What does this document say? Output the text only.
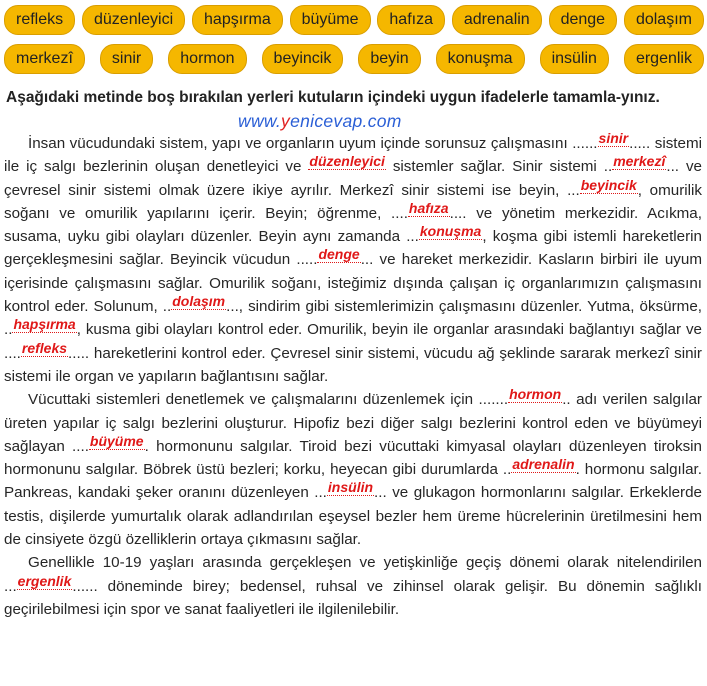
refleks	düzenleyici	hapşırma	büyüme	hafıza	adrenalin	denge	dolaşım
merkezî	sinir	hormon	beyincik	beyin	konuşma	insülin	ergenlik
Aşağıdaki metinde boş bırakılan yerleri kutuların içindeki uygun ifadelerle tamamla-yınız.
www.yenicevap.com

İnsan vücudundaki sistem, yapı ve organların uyum içinde sorunsuz çalışmasını ......sinir..... sistemi ile iç salgı bezlerinin oluşan denetleyici ve düzenleyici sistemler sağlar. Sinir sistemi ..merkezî... ve çevresel sinir sistemi olmak üzere ikiye ayrılır. Merkezî sinir sistemi ise beyin, ...beyincik, omurilik soğanı ve omurilik yapılarını içerir. Beyin; öğrenme, ....hafıza.... ve yönetim merkezidir. Acıkma, susama, uyku gibi olayları düzenler. Beyin aynı zamanda ...konuşma, koşma gibi istemli hareketlerin gerçekleşmesini sağlar. Beyincik vücudun .....denge... ve hareket merkezidir. Kasların birbiri ile uyum içerisinde çalışmasını sağlar. Omurilik soğanı, isteğimiz dışında çalışan iç organlarımızın çalışmasını kontrol eder. Solunum, ..dolaşım..., sindirim gibi sistemlerimizin çalışmasını düzenler. Yutma, öksürme, ..hapşırma, kusma gibi olayları kontrol eder. Omurilik, beyin ile organlar arasındaki bağlantıyı sağlar ve ....refleks..... hareketlerini kontrol eder. Çevresel sinir sistemi, vücudu ağ şeklinde sararak merkezî sinir sistemi ile organ ve yapıların bağlantısını sağlar.

Vücuttaki sistemleri denetlemek ve çalışmalarını düzenlemek için .......hormon.. adı verilen salgılar üreten yapılar iç salgı bezlerini oluşturur. Hipofiz bezi diğer salgı bezlerini kontrol eden ve büyümeyi sağlayan ....büyüme. hormonunu salgılar. Tiroid bezi vücuttaki kimyasal olayları düzenleyen tiroksin hormonunu salgılar. Böbrek üstü bezleri; korku, heyecan gibi durumlarda ..adrenalin. hormonu salgılar. Pankreas, kandaki şeker oranını düzenleyen ...insülin... ve glukagon hormonlarını salgılar. Erkeklerde testis, dişilerde yumurtalık olarak adlandırılan eşeysel bezler hem üreme hücrelerinin üretilmesini hem de cinsiyete özgü özelliklerin ortaya çıkmasını sağlar.

Genellikle 10-19 yaşları arasında gerçekleşen ve yetişkinliğe geçiş dönemi olarak nitelendirilen ...ergenlik...... döneminde birey; bedensel, ruhsal ve zihinsel olarak gelişir. Bu dönemin sağlıklı geçirilebilmesi için spor ve sanat faaliyetleri ile ilgilenilebilir.
